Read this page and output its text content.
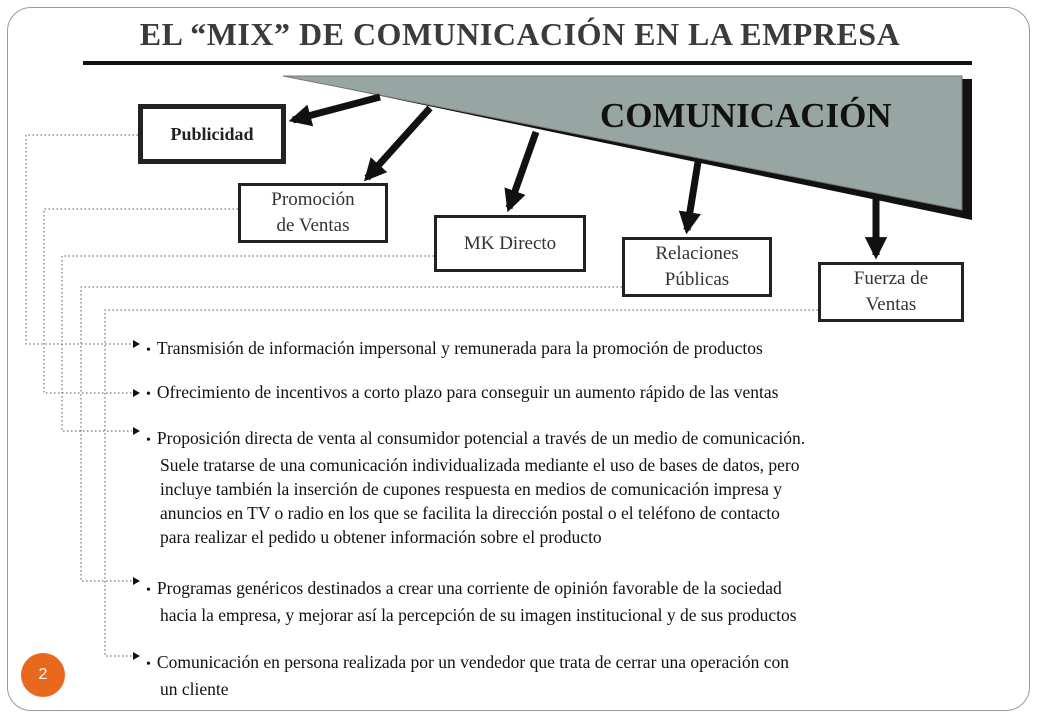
EL “MIX” DE COMUNICACIÓN EN LA EMPRESA
COMUNICACIÓN
Publicidad
Promoción
de Ventas
MK Directo	Relaciones
Públicas	Fuerza de
Ventas
• Transmisión de información impersonal y remunerada para la promoción de productos
• Ofrecimiento de incentivos a corto plazo para conseguir un aumento rápido de las ventas
• Proposición directa de venta al consumidor potencial a través de un medio de comunicación.
Suele tratarse de una comunicación individualizada mediante el uso de bases de datos, pero
incluye también la inserción de cupones respuesta en medios de comunicación impresa y
anuncios en TV o radio en los que se facilita la dirección postal o el teléfono de contacto
para realizar el pedido u obtener información sobre el producto
• Programas genéricos destinados a crear una corriente de opinión favorable de la sociedad
hacia la empresa, y mejorar así la percepción de su imagen institucional y de sus productos
• Comunicación en persona realizada por un vendedor que trata de cerrar una operación con
un cliente
2
